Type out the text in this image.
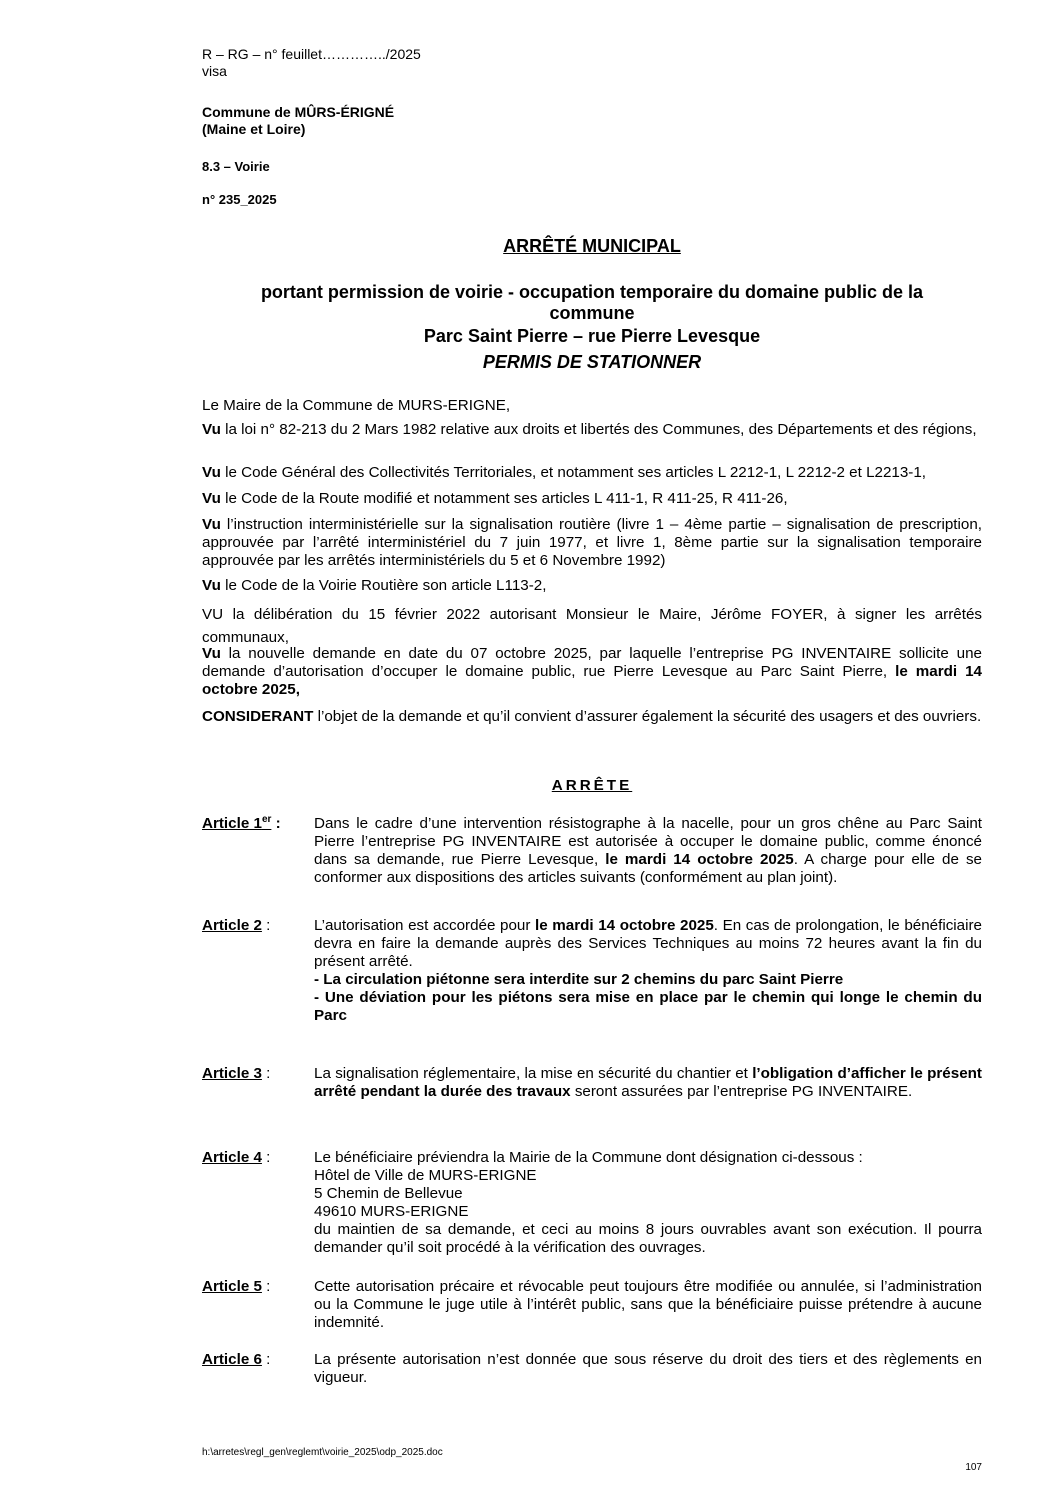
R – RG – n° feuillet…………../2025
visa
Commune de MÛRS-ÉRIGNÉ
(Maine et Loire)
8.3 – Voirie
n° 235_2025
ARRÊTÉ MUNICIPAL
portant permission de voirie - occupation temporaire du domaine public de la
commune
Parc Saint Pierre – rue Pierre Levesque
PERMIS DE STATIONNER
Le Maire de la Commune de MURS-ERIGNE,
Vu la loi n° 82-213 du 2 Mars 1982 relative aux droits et libertés des Communes, des Départements et des régions,
Vu le Code Général des Collectivités Territoriales, et notamment ses articles L 2212-1, L 2212-2 et L2213-1,
Vu le Code de la Route modifié et notamment ses articles L 411-1, R 411-25, R 411-26,
Vu l’instruction interministérielle sur la signalisation routière (livre 1 – 4ème partie – signalisation de prescription, approuvée par l’arrêté interministériel du 7 juin 1977, et livre 1, 8ème partie sur la signalisation temporaire approuvée par les arrêtés interministériels du 5 et 6 Novembre 1992)
Vu le Code de la Voirie Routière son article L113-2,
VU la délibération du 15 février 2022 autorisant Monsieur le Maire, Jérôme FOYER, à signer les arrêtés communaux,
Vu la nouvelle demande en date du 07 octobre 2025, par laquelle l’entreprise PG INVENTAIRE sollicite une demande d’autorisation d’occuper le domaine public, rue Pierre Levesque au Parc Saint Pierre, le mardi 14 octobre 2025,
CONSIDERANT l’objet de la demande et qu’il convient d’assurer également la sécurité des usagers et des ouvriers.
ARRÊTE
Article 1er :	Dans le cadre d’une intervention résistographe à la nacelle, pour un gros chêne au Parc Saint Pierre l’entreprise PG INVENTAIRE est autorisée à occuper le domaine public, comme énoncé dans sa demande, rue Pierre Levesque, le mardi 14 octobre 2025. A charge pour elle de se conformer aux dispositions des articles suivants (conformément au plan joint).
Article 2 :	L’autorisation est accordée pour le mardi 14 octobre 2025. En cas de prolongation, le bénéficiaire devra en faire la demande auprès des Services Techniques au moins 72 heures avant la fin du présent arrêté.
- La circulation piétonne sera interdite sur 2 chemins du parc Saint Pierre
- Une déviation pour les piétons sera mise en place par le chemin qui longe le chemin du Parc
Article 3 :	La signalisation réglementaire, la mise en sécurité du chantier et l’obligation d’afficher le présent arrêté pendant la durée des travaux seront assurées par l’entreprise PG INVENTAIRE.
Article 4 :	Le bénéficiaire préviendra la Mairie de la Commune dont désignation ci-dessous :
Hôtel de Ville de MURS-ERIGNE
5 Chemin de Bellevue
49610 MURS-ERIGNE
du maintien de sa demande, et ceci au moins 8 jours ouvrables avant son exécution. Il pourra demander qu’il soit procédé à la vérification des ouvrages.
Article 5 :	Cette autorisation précaire et révocable peut toujours être modifiée ou annulée, si l’administration ou la Commune le juge utile à l’intérêt public, sans que la bénéficiaire puisse prétendre à aucune indemnité.
Article 6 :	La présente autorisation n’est donnée que sous réserve du droit des tiers et des règlements en vigueur.
h:\arretes\regl_gen\reglemt\voirie_2025\odp_2025.doc
107
